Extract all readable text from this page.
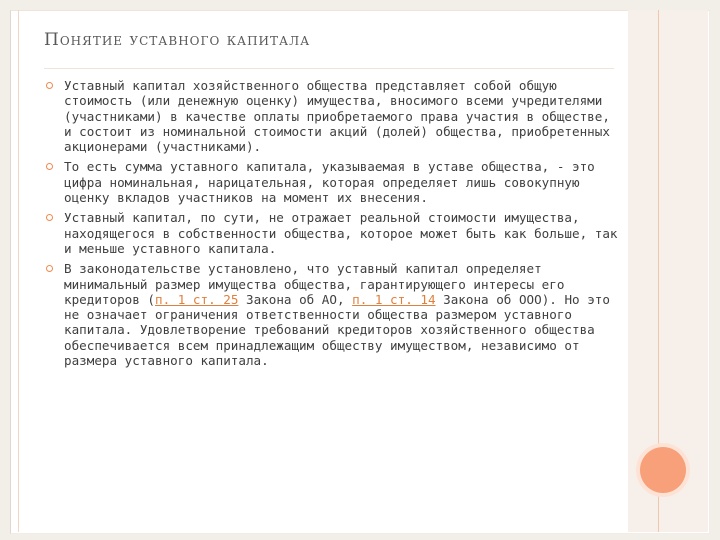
Понятие уставного капитала
Уставный капитал хозяйственного общества представляет собой общую стоимость (или денежную оценку) имущества, вносимого всеми учредителями (участниками) в качестве оплаты приобретаемого права участия в обществе, и состоит из номинальной стоимости акций (долей) общества, приобретенных акционерами (участниками).
То есть сумма уставного капитала, указываемая в уставе общества, - это цифра номинальная, нарицательная, которая определяет лишь совокупную оценку вкладов участников на момент их внесения.
Уставный капитал, по сути, не отражает реальной стоимости имущества, находящегося в собственности общества, которое может быть как больше, так и меньше уставного капитала.
В законодательстве установлено, что уставный капитал определяет минимальный размер имущества общества, гарантирующего интересы его кредиторов (п. 1 ст. 25 Закона об АО, п. 1 ст. 14 Закона об ООО). Но это не означает ограничения ответственности общества размером уставного капитала. Удовлетворение требований кредиторов хозяйственного общества обеспечивается всем принадлежащим обществу имуществом, независимо от размера уставного капитала.
